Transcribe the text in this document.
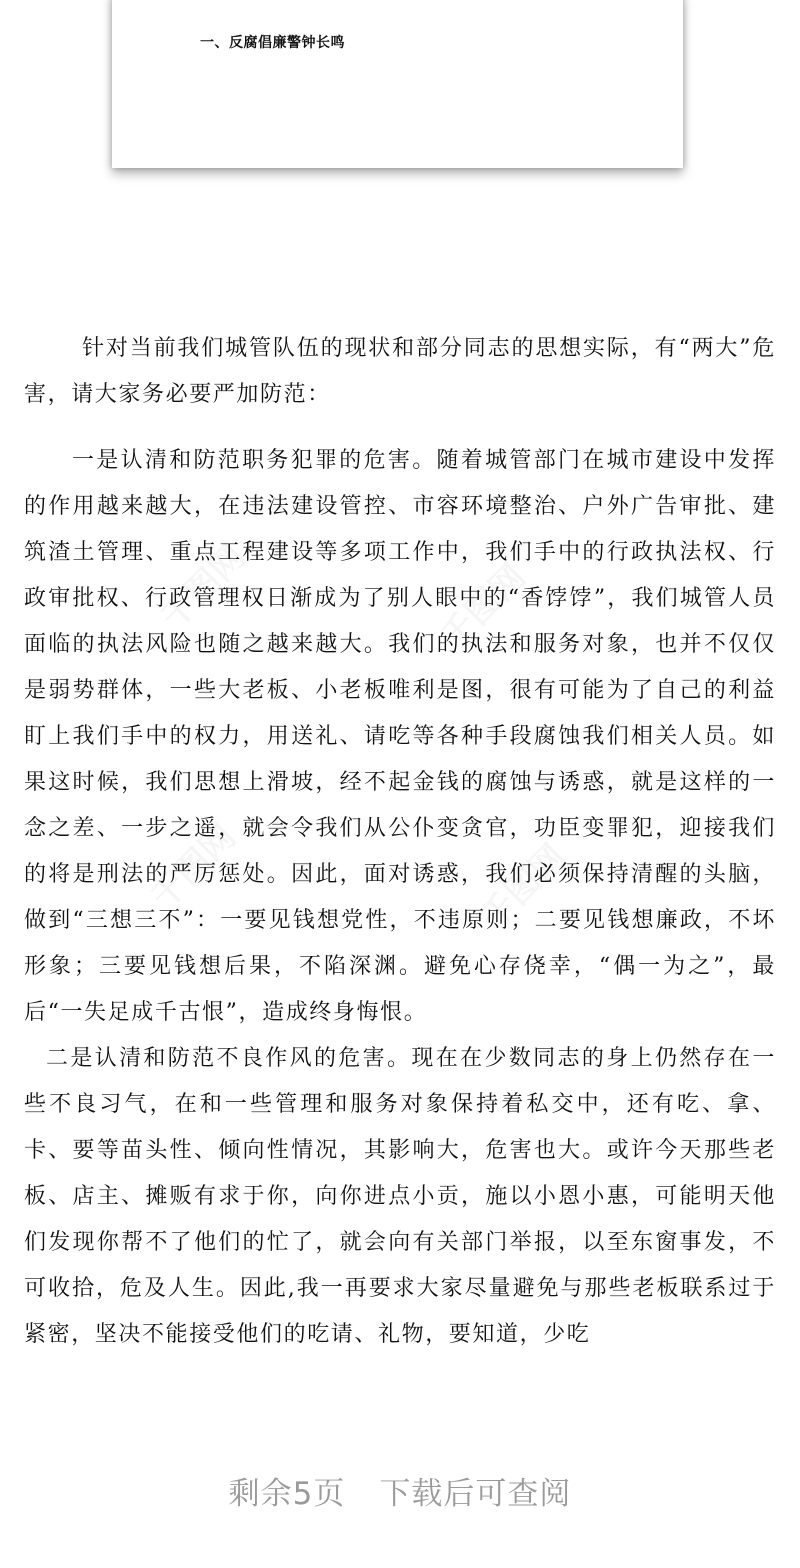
一、反腐倡廉警钟长鸣

针对当前我们城管队伍的现状和部分同志的思想实际，有“两大”危害，请大家务必要严加防范：

一是认清和防范职务犯罪的危害。随着城管部门在城市建设中发挥的作用越来越大，在违法建设管控、市容环境整治、户外广告审批、建筑渣土管理、重点工程建设等多项工作中，我们手中的行政执法权、行政审批权、行政管理权日渐成为了别人眼中的“香饽饽”，我们城管人员面临的执法风险也随之越来越大。我们的执法和服务对象，也并不仅仅是弱势群体，一些大老板、小老板唯利是图，很有可能为了自己的利益盯上我们手中的权力，用送礼、请吃等各种手段腐蚀我们相关人员。如果这时候，我们思想上滑坡，经不起金钱的腐蚀与诱惑，就是这样的一念之差、一步之遥，就会令我们从公仆变贪官，功臣变罪犯，迎接我们的将是刑法的严厉惩处。因此，面对诱惑，我们必须保持清醒的头脑，做到“三想三不”：一要见钱想党性，不违原则；二要见钱想廉政，不坏形象；三要见钱想后果，不陷深渊。避免心存侥幸，“偶一为之”，最后“一失足成千古恨”，造成终身悔恨。

二是认清和防范不良作风的危害。现在在少数同志的身上仍然存在一些不良习气，在和一些管理和服务对象保持着私交中，还有吃、拿、卡、要等苗头性、倾向性情况，其影响大，危害也大。或许今天那些老板、店主、摊贩有求于你，向你进点小贡，施以小恩小惠，可能明天他们发现你帮不了他们的忙了，就会向有关部门举报，以至东窗事发，不可收拾，危及人生。因此,我一再要求大家尽量避免与那些老板联系过于紧密，坚决不能接受他们的吃请、礼物，要知道，少吃

剩余5页 下载后可查阅
